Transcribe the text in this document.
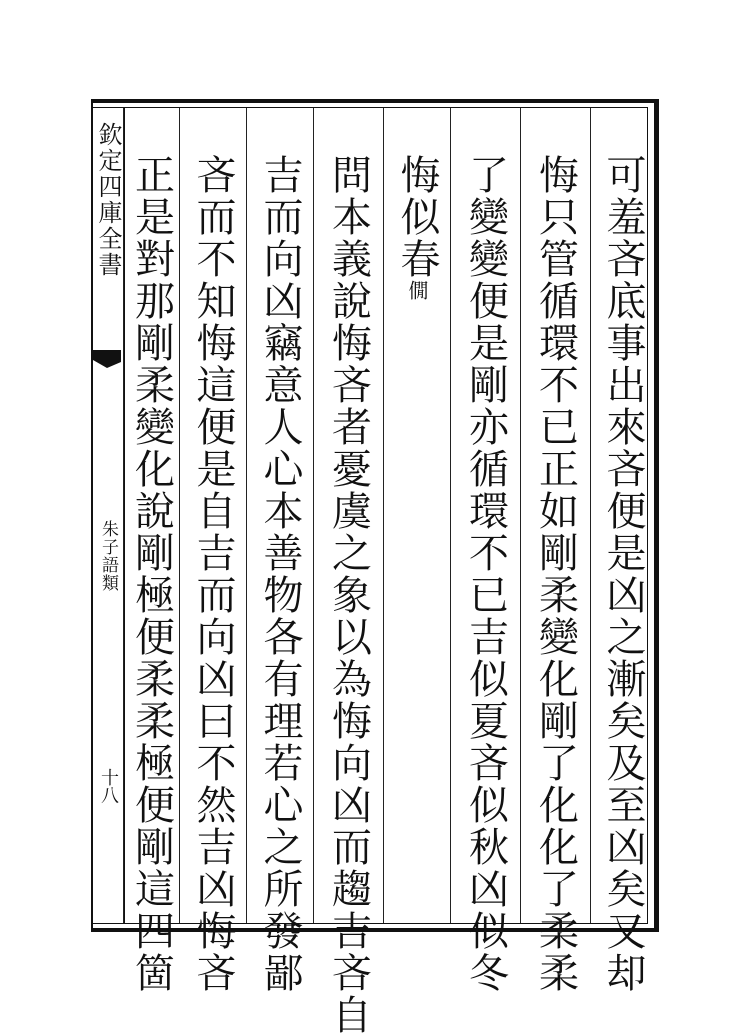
欽定四庫全書
朱子語類
十八	可羞吝底事出來吝便是凶之漸矣及至凶矣又却
悔只管循環不已正如剛柔變化剛了化化了柔柔
了變變便是剛亦循環不已吉似夏吝似秋凶似冬
悔似春僩
問本義說悔吝者憂虞之象以為悔向凶而趨吉吝自
吉而向凶竊意人心本善物各有理若心之所發鄙
吝而不知悔這便是自吉而向凶曰不然吉凶悔吝
正是對那剛柔變化說剛極便柔柔極便剛這四箇
